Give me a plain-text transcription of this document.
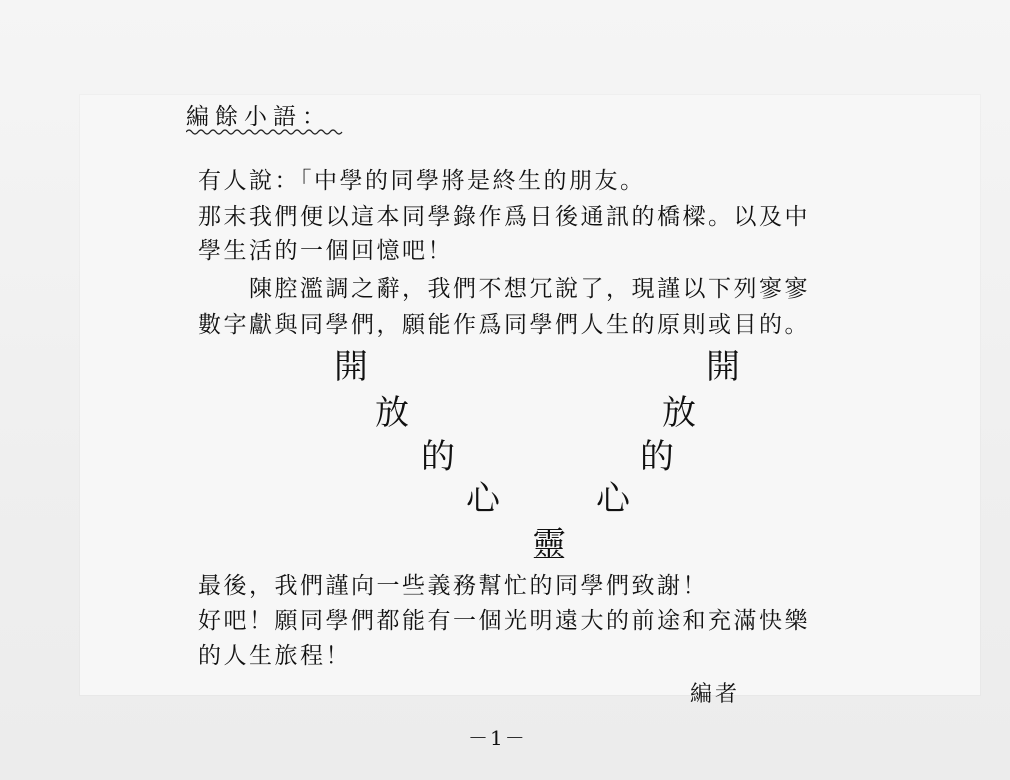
編餘小語：
有人說：「中學的同學將是終生的朋友。
那末我們便以這本同學錄作爲日後通訊的橋樑。以及中
學生活的一個回憶吧！
　　陳腔濫調之辭，我們不想冗說了，現謹以下列寥寥
數字獻與同學們，願能作爲同學們人生的原則或目的。
開
放
的
心
開
放
的
心
靈
最後，我們謹向一些義務幫忙的同學們致謝！
好吧！願同學們都能有一個光明遠大的前途和充滿快樂
的人生旅程！
編者
－1－
